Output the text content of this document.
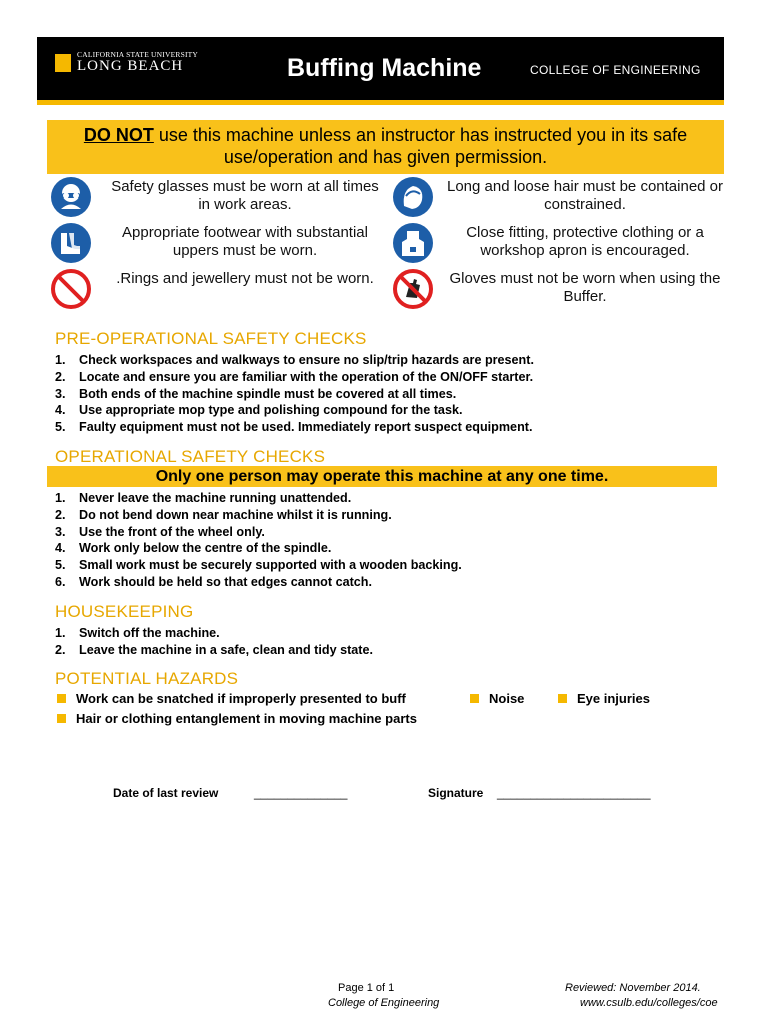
CALIFORNIA STATE UNIVERSITY
LONG BEACH	Buffing Machine	COLLEGE OF ENGINEERING
DO NOT use this machine unless an instructor has instructed you in its safe use/operation and has given permission.
Safety glasses must be worn at all times in work areas.
Long and loose hair must be contained or constrained.
Appropriate footwear with substantial uppers must be worn.
Close fitting, protective clothing or a workshop apron is encouraged.
.Rings and jewellery must not be worn.	Gloves must not be worn when using the Buffer.
PRE-OPERATIONAL SAFETY CHECKS
1. Check workspaces and walkways to ensure no slip/trip hazards are present.
2. Locate and ensure you are familiar with the operation of the ON/OFF starter.
3. Both ends of the machine spindle must be covered at all times.
4. Use appropriate mop type and polishing compound for the task.
5. Faulty equipment must not be used. Immediately report suspect equipment.
OPERATIONAL SAFETY CHECKS
Only one person may operate this machine at any one time.
1. Never leave the machine running unattended.
2. Do not bend down near machine whilst it is running.
3. Use the front of the wheel only.
4. Work only below the centre of the spindle.
5. Small work must be securely supported with a wooden backing.
6. Work should be held so that edges cannot catch.
HOUSEKEEPING
1. Switch off the machine.
2. Leave the machine in a safe, clean and tidy state.
POTENTIAL HAZARDS
Work can be snatched if improperly presented to buff	Noise	Eye injuries
Hair or clothing entanglement in moving machine parts
Date of last review	______________	Signature _______________________
Page 1 of 1
College of Engineering
Reviewed: November 2014.
www.csulb.edu/colleges/coe
